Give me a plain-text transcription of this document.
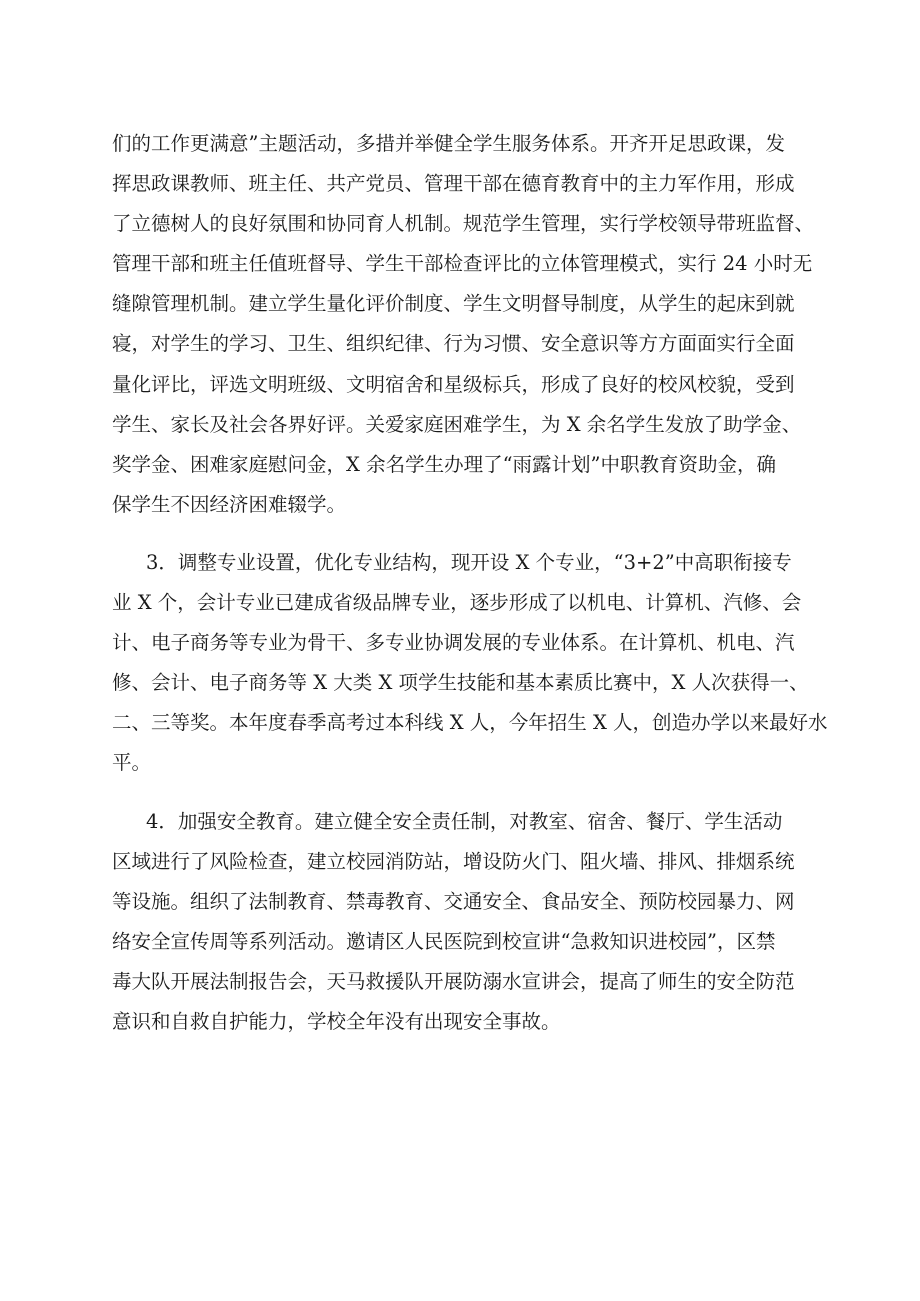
们的工作更满意”主题活动，多措并举健全学生服务体系。开齐开足思政课，发
挥思政课教师、班主任、共产党员、管理干部在德育教育中的主力军作用，形成
了立德树人的良好氛围和协同育人机制。规范学生管理，实行学校领导带班监督、
管理干部和班主任值班督导、学生干部检查评比的立体管理模式，实行 24 小时无
缝隙管理机制。建立学生量化评价制度、学生文明督导制度，从学生的起床到就
寝，对学生的学习、卫生、组织纪律、行为习惯、安全意识等方方面面实行全面
量化评比，评选文明班级、文明宿舍和星级标兵，形成了良好的校风校貌，受到
学生、家长及社会各界好评。关爱家庭困难学生，为 X 余名学生发放了助学金、
奖学金、困难家庭慰问金，X 余名学生办理了“雨露计划”中职教育资助金，确
保学生不因经济困难辍学。
3．调整专业设置，优化专业结构，现开设 X 个专业，“3+2”中高职衔接专
业 X 个，会计专业已建成省级品牌专业，逐步形成了以机电、计算机、汽修、会
计、电子商务等专业为骨干、多专业协调发展的专业体系。在计算机、机电、汽
修、会计、电子商务等 X 大类 X 项学生技能和基本素质比赛中，X 人次获得一、
二、三等奖。本年度春季高考过本科线 X 人，今年招生 X 人，创造办学以来最好水
平。
4．加强安全教育。建立健全安全责任制，对教室、宿舍、餐厅、学生活动
区域进行了风险检查，建立校园消防站，增设防火门、阻火墙、排风、排烟系统
等设施。组织了法制教育、禁毒教育、交通安全、食品安全、预防校园暴力、网
络安全宣传周等系列活动。邀请区人民医院到校宣讲“急救知识进校园”，区禁
毒大队开展法制报告会，天马救援队开展防溺水宣讲会，提高了师生的安全防范
意识和自救自护能力，学校全年没有出现安全事故。
